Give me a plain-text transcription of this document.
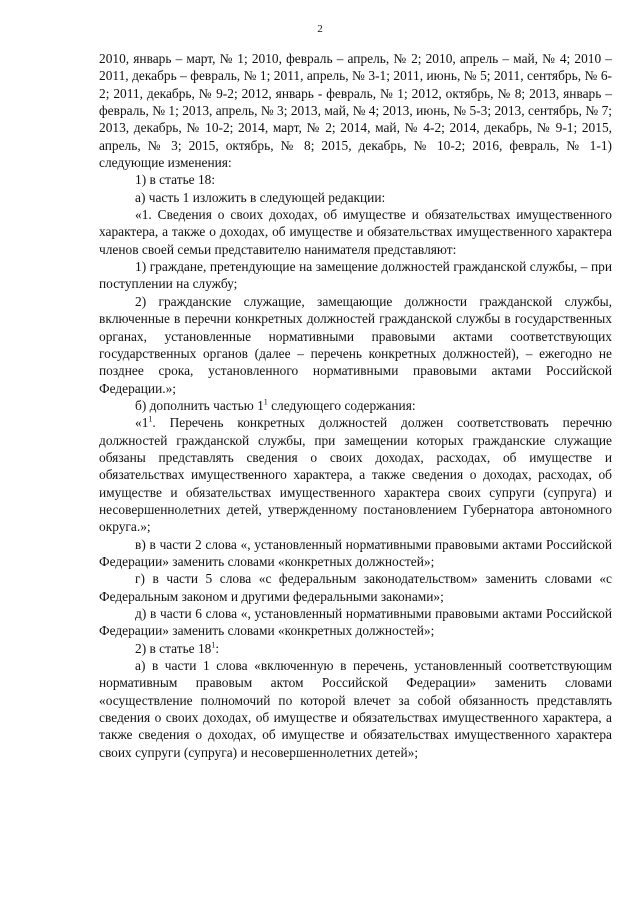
2

2010, январь – март, № 1; 2010, февраль – апрель, № 2; 2010, апрель – май, № 4; 2010 – 2011, декабрь – февраль, № 1; 2011, апрель, № 3-1; 2011, июнь, № 5; 2011, сентябрь, № 6-2; 2011, декабрь, № 9-2; 2012, январь - февраль, № 1; 2012, октябрь, № 8; 2013, январь – февраль, № 1; 2013, апрель, № 3; 2013, май, № 4; 2013, июнь, № 5-3; 2013, сентябрь, № 7; 2013, декабрь, № 10-2; 2014, март, № 2; 2014, май, № 4-2; 2014, декабрь, № 9-1; 2015, апрель, № 3; 2015, октябрь, № 8; 2015, декабрь, № 10-2; 2016, февраль, № 1-1) следующие изменения:

1) в статье 18:

а) часть 1 изложить в следующей редакции:

«1. Сведения о своих доходах, об имуществе и обязательствах имущественного характера, а также о доходах, об имуществе и обязательствах имущественного характера членов своей семьи представителю нанимателя представляют:

1) граждане, претендующие на замещение должностей гражданской службы, – при поступлении на службу;

2) гражданские служащие, замещающие должности гражданской службы, включенные в перечни конкретных должностей гражданской службы в государственных органах, установленные нормативными правовыми актами соответствующих государственных органов (далее – перечень конкретных должностей), – ежегодно не позднее срока, установленного нормативными правовыми актами Российской Федерации.»;

б) дополнить частью $1^1$ следующего содержания:

«$1^1$. Перечень конкретных должностей должен соответствовать перечню должностей гражданской службы, при замещении которых гражданские служащие обязаны представлять сведения о своих доходах, расходах, об имуществе и обязательствах имущественного характера, а также сведения о доходах, расходах, об имуществе и обязательствах имущественного характера своих супруги (супруга) и несовершеннолетних детей, утвержденному постановлением Губернатора автономного округа.»;

в) в части 2 слова «, установленный нормативными правовыми актами Российской Федерации» заменить словами «конкретных должностей»;

г) в части 5 слова «с федеральным законодательством» заменить словами «с Федеральным законом и другими федеральными законами»;

д) в части 6 слова «, установленный нормативными правовыми актами Российской Федерации» заменить словами «конкретных должностей»;

2) в статье $18^1$:

а) в части 1 слова «включенную в перечень, установленный соответствующим нормативным правовым актом Российской Федерации» заменить словами «осуществление полномочий по которой влечет за собой обязанность представлять сведения о своих доходах, об имуществе и обязательствах имущественного характера, а также сведения о доходах, об имуществе и обязательствах имущественного характера своих супруги (супруга) и несовершеннолетних детей»;
